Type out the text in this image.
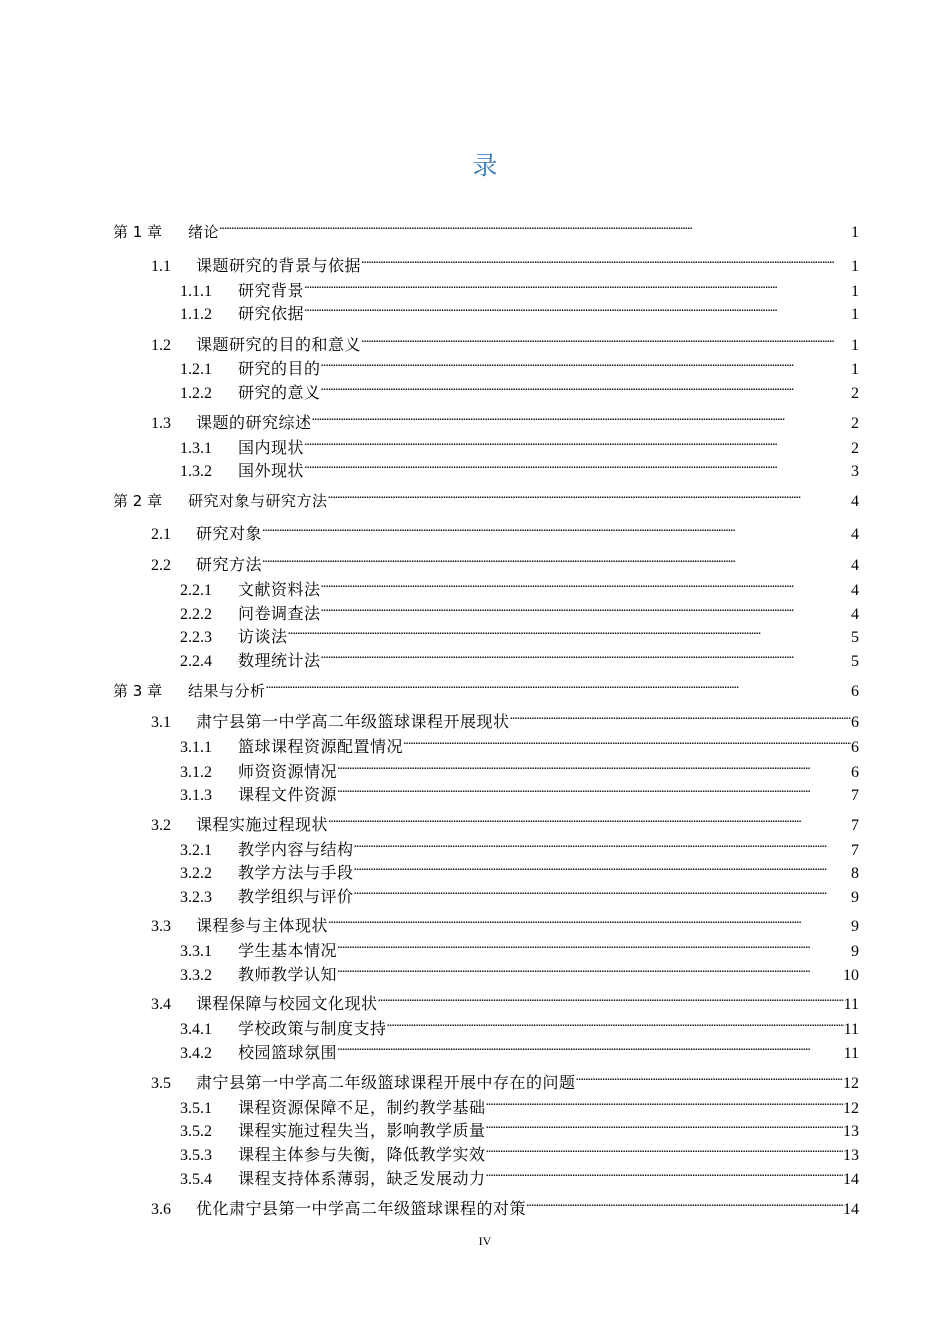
录
第 1 章	绪论 . . .	1
1.1	课题研究的背景与依据 . . .	1
1.1.1	研究背景 . . .	1
1.1.2	研究依据 . . .	1
1.2	课题研究的目的和意义 . . .	1
1.2.1	研究的目的 . . .	1
1.2.2	研究的意义 . . .	2
1.3	课题的研究综述 . . .	2
1.3.1	国内现状 . . .	2
1.3.2	国外现状 . . .	3
第 2 章	研究对象与研究方法 . . .	4
2.1	研究对象 . . .	4
2.2	研究方法 . . .	4
2.2.1	文献资料法 . . .	4
2.2.2	问卷调查法 . . .	4
2.2.3	访谈法 . . .	5
2.2.4	数理统计法 . . .	5
第 3 章	结果与分析 . . .	6
3.1	肃宁县第一中学高二年级篮球课程开展现状 . . .	6
3.1.1	篮球课程资源配置情况 . . .	6
3.1.2	师资资源情况 . . .	6
3.1.3	课程文件资源 . . .	7
3.2	课程实施过程现状 . . .	7
3.2.1	教学内容与结构 . . .	7
3.2.2	教学方法与手段 . . .	8
3.2.3	教学组织与评价 . . .	9
3.3	课程参与主体现状 . . .	9
3.3.1	学生基本情况 . . .	9
3.3.2	教师教学认知 . . .	10
3.4	课程保障与校园文化现状 . . .	11
3.4.1	学校政策与制度支持 . . .	11
3.4.2	校园篮球氛围 . . .	11
3.5	肃宁县第一中学高二年级篮球课程开展中存在的问题 . . .	12
3.5.1	课程资源保障不足，制约教学基础 . . .	12
3.5.2	课程实施过程失当，影响教学质量 . . .	13
3.5.3	课程主体参与失衡，降低教学实效 . . .	13
3.5.4	课程支持体系薄弱，缺乏发展动力 . . .	14
3.6	优化肃宁县第一中学高二年级篮球课程的对策 . . .	14
IV
